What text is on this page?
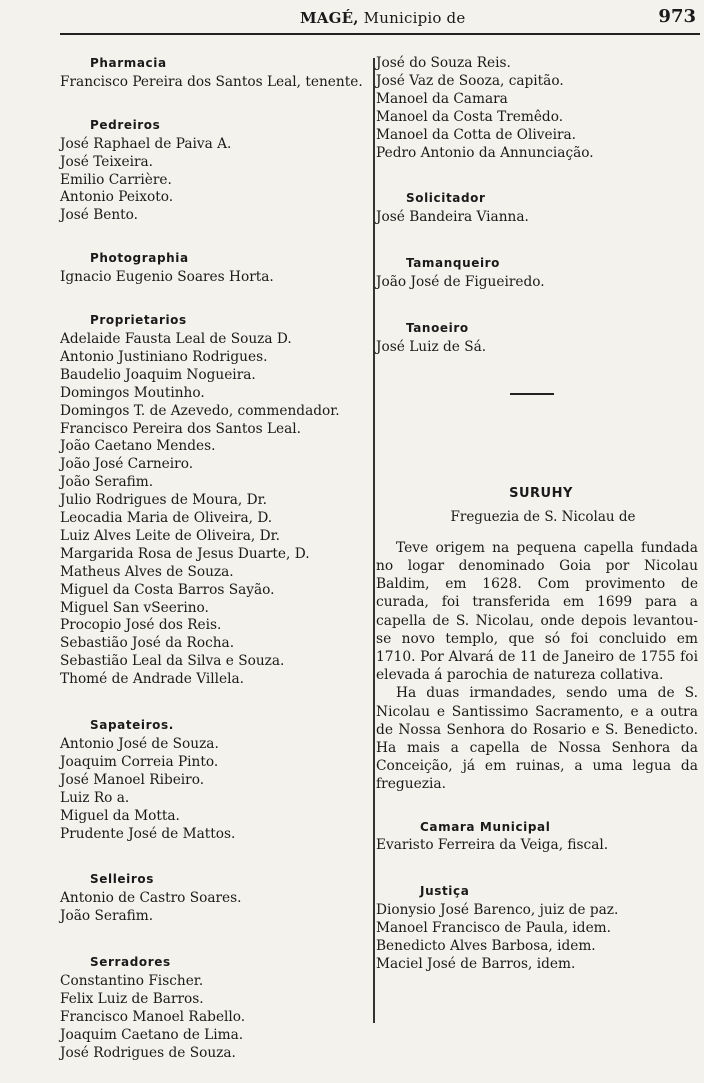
MAGÉ, Municipio de	973
Pharmacia
Francisco Pereira dos Santos Leal, tenente.
Pedreiros
José Raphael de Paiva A.
José Teixeira.
Emilio Carrière.
Antonio Peixoto.
José Bento.
Photographia
Ignacio Eugenio Soares Horta.
Proprietarios
Adelaide Fausta Leal de Souza D.
Antonio Justiniano Rodrigues.
Baudelio Joaquim Nogueira.
Domingos Moutinho.
Domingos T. de Azevedo, commendador.
Francisco Pereira dos Santos Leal.
João Caetano Mendes.
João José Carneiro.
João Serafim.
Julio Rodrigues de Moura, Dr.
Leocadia Maria de Oliveira, D.
Luiz Alves Leite de Oliveira, Dr.
Margarida Rosa de Jesus Duarte, D.
Matheus Alves de Souza.
Miguel da Costa Barros Sayão.
Miguel San vSeerino.
Procopio José dos Reis.
Sebastião José da Rocha.
Sebastião Leal da Silva e Souza.
Thomé de Andrade Villela.
Sapateiros.
Antonio José de Souza.
Joaquim Correia Pinto.
José Manoel Ribeiro.
Luiz Ro a.
Miguel da Motta.
Prudente José de Mattos.
Selleiros
Antonio de Castro Soares.
João Serafim.
Serradores
Constantino Fischer.
Felix Luiz de Barros.
Francisco Manoel Rabello.
Joaquim Caetano de Lima.
José Rodrigues de Souza.
José do Souza Reis.
José Vaz de Sooza, capitão.
Manoel da Camara
Manoel da Costa Tremêdo.
Manoel da Cotta de Oliveira.
Pedro Antonio da Annunciação.
Solicitador
José Bandeira Vianna.
Tamanqueiro
João José de Figueiredo.
Tanoeiro
José Luiz de Sá.
SURUHY
Freguezia de S. Nicolau de

Teve origem na pequena capella fundada no logar denominado Goia por Nicolau Baldim, em 1628. Com provimento de curada, foi transferida em 1699 para a capella de S. Nicolau, onde depois levantou-se novo templo, que só foi concluido em 1710. Por Alvará de 11 de Janeiro de 1755 foi elevada á parochia de natureza collativa.

Ha duas irmandades, sendo uma de S. Nicolau e Santissimo Sacramento, e a outra de Nossa Senhora do Rosario e S. Benedicto. Ha mais a capella de Nossa Senhora da Conceição, já em ruinas, a uma legua da freguezia.

Camara Municipal
Evaristo Ferreira da Veiga, fiscal.
Justiça
Dionysio José Barenco, juiz de paz.
Manoel Francisco de Paula, idem.
Benedicto Alves Barbosa, idem.
Maciel José de Barros, idem.
